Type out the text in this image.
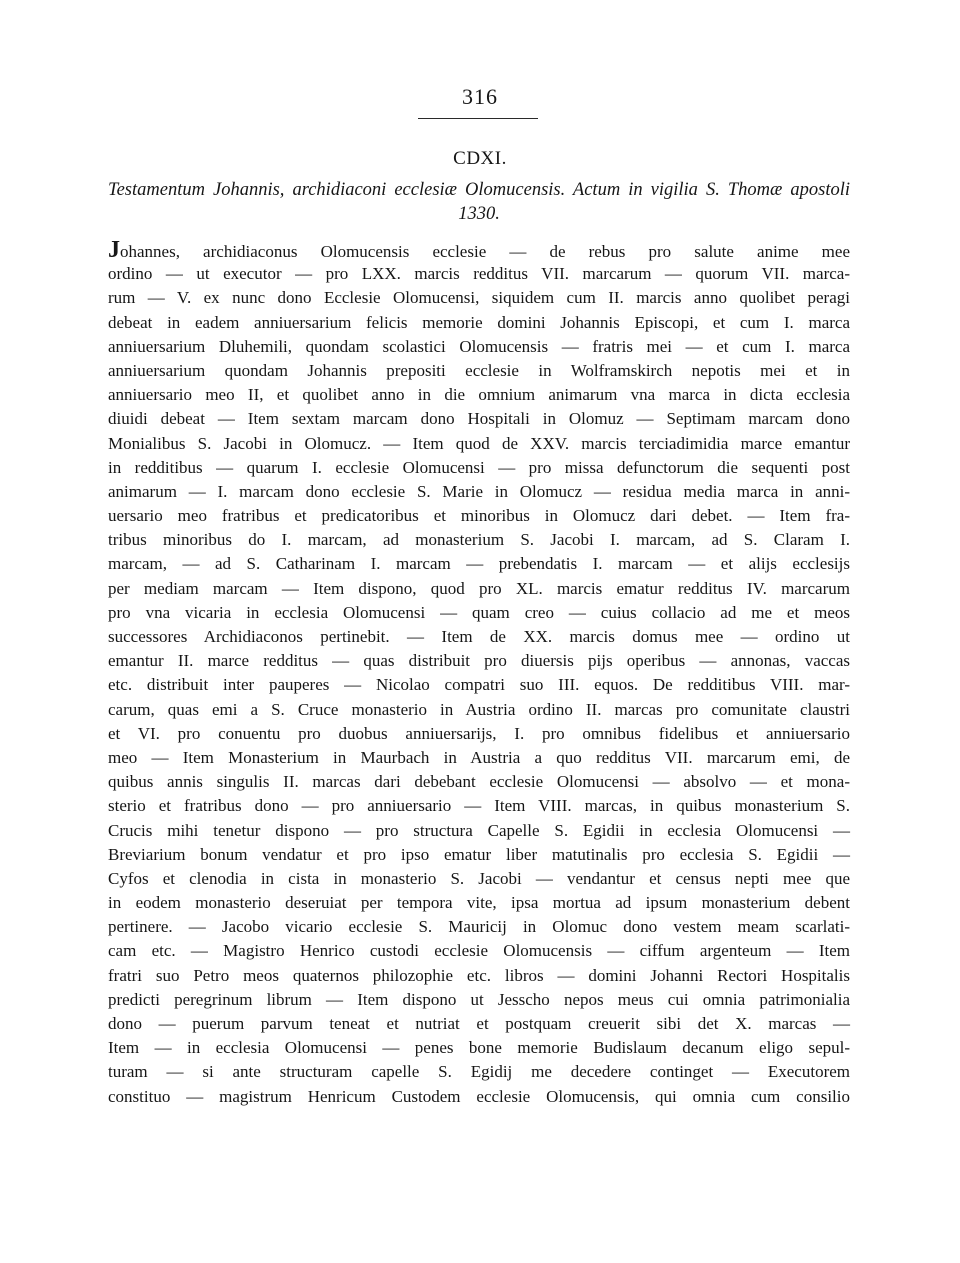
316
CDXI.
Testamentum Johannis, archidiaconi ecclesiæ Olomucensis. Actum in vigilia S. Thomæ apostoli 1330.
Johannes, archidiaconus Olomucensis ecclesie — de rebus pro salute anime mee
ordino — ut executor — pro LXX. marcis redditus VII. marcarum — quorum VII. marca-
rum — V. ex nunc dono Ecclesie Olomucensi, siquidem cum II. marcis anno quolibet peragi
debeat in eadem anniuersarium felicis memorie domini Johannis Episcopi, et cum I. marca
anniuersarium Dluhemili, quondam scolastici Olomucensis — fratris mei — et cum I. marca
anniuersarium quondam Johannis prepositi ecclesie in Wolframskirch nepotis mei et in
anniuersario meo II, et quolibet anno in die omnium animarum vna marca in dicta ecclesia
diuidi debeat — Item sextam marcam dono Hospitali in Olomuz — Septimam marcam dono
Monialibus S. Jacobi in Olomucz. — Item quod de XXV. marcis terciadimidia marce emantur
in redditibus — quarum I. ecclesie Olomucensi — pro missa defunctorum die sequenti post
animarum — I. marcam dono ecclesie S. Marie in Olomucz — residua media marca in anni-
uersario meo fratribus et predicatoribus et minoribus in Olomucz dari debet. — Item fra-
tribus minoribus do I. marcam, ad monasterium S. Jacobi I. marcam, ad S. Claram I.
marcam, — ad S. Catharinam I. marcam — prebendatis I. marcam — et alijs ecclesijs
per mediam marcam — Item dispono, quod pro XL. marcis ematur redditus IV. marcarum
pro vna vicaria in ecclesia Olomucensi — quam creo — cuius collacio ad me et meos
successores Archidiaconos pertinebit. — Item de XX. marcis domus mee — ordino ut
emantur II. marce redditus — quas distribuit pro diuersis pijs operibus — annonas, vaccas
etc. distribuit inter pauperes — Nicolao compatri suo III. equos. De redditibus VIII. mar-
carum, quas emi a S. Cruce monasterio in Austria ordino II. marcas pro comunitate claustri
et VI. pro conuentu pro duobus anniuersarijs, I. pro omnibus fidelibus et anniuersario
meo — Item Monasterium in Maurbach in Austria a quo redditus VII. marcarum emi, de
quibus annis singulis II. marcas dari debebant ecclesie Olomucensi — absolvo — et mona-
sterio et fratribus dono — pro anniuersario — Item VIII. marcas, in quibus monasterium S.
Crucis mihi tenetur dispono — pro structura Capelle S. Egidii in ecclesia Olomucensi —
Breviarium bonum vendatur et pro ipso ematur liber matutinalis pro ecclesia S. Egidii —
Cyfos et clenodia in cista in monasterio S. Jacobi — vendantur et census nepti mee que
in eodem monasterio deseruiat per tempora vite, ipsa mortua ad ipsum monasterium debent
pertinere. — Jacobo vicario ecclesie S. Mauricij in Olomuc dono vestem meam scarlati-
cam etc. — Magistro Henrico custodi ecclesie Olomucensis — ciffum argenteum — Item
fratri suo Petro meos quaternos philozophie etc. libros — domini Johanni Rectori Hospitalis
predicti peregrinum librum — Item dispono ut Jesscho nepos meus cui omnia patrimonialia
dono — puerum parvum teneat et nutriat et postquam creuerit sibi det X. marcas —
Item — in ecclesia Olomucensi — penes bone memorie Budislaum decanum eligo sepul-
turam — si ante structuram capelle S. Egidij me decedere continget — Executorem
constituo — magistrum Henricum Custodem ecclesie Olomucensis, qui omnia cum consilio
